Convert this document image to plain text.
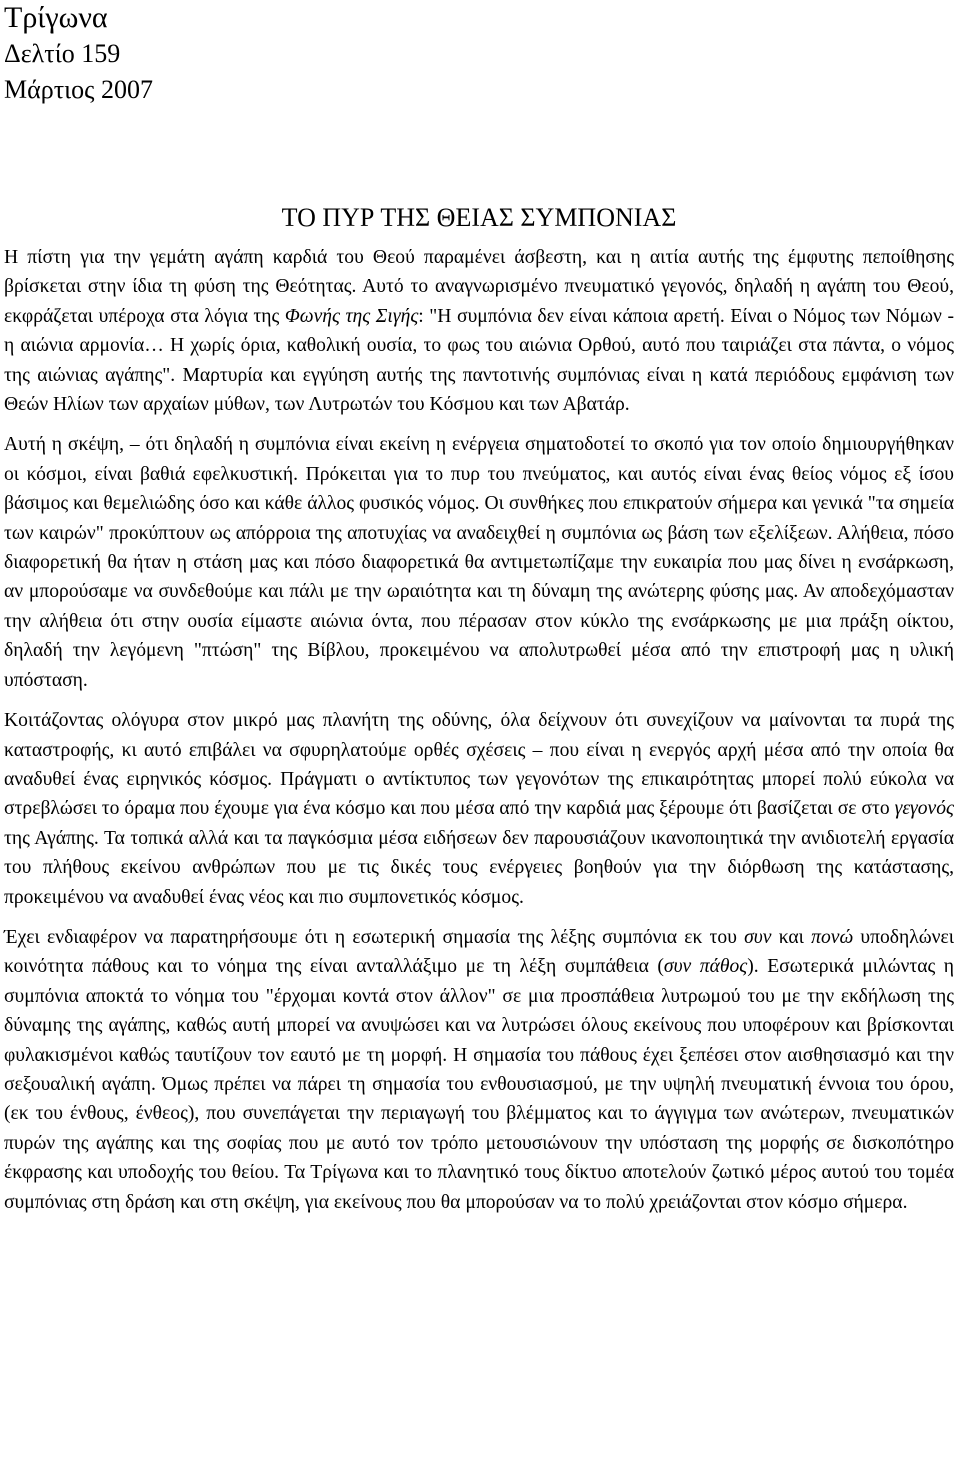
Τρίγωνα
Δελτίο 159
Μάρτιος 2007
ΤΟ ΠΥΡ ΤΗΣ ΘΕΙΑΣ ΣΥΜΠΟΝΙΑΣ

Η πίστη για την γεμάτη αγάπη καρδιά του Θεού παραμένει άσβεστη, και η αιτία αυτής της έμφυτης πεποίθησης βρίσκεται στην ίδια τη φύση της Θεότητας. Αυτό το αναγνωρισμένο πνευματικό γεγονός, δηλαδή η αγάπη του Θεού, εκφράζεται υπέροχα στα λόγια της Φωνής της Σιγής: "Η συμπόνια δεν είναι κάποια αρετή. Είναι ο Νόμος των Νόμων - η αιώνια αρμονία… Η χωρίς όρια, καθολική ουσία, το φως του αιώνια Ορθού, αυτό που ταιριάζει στα πάντα, ο νόμος της αιώνιας αγάπης". Μαρτυρία και εγγύηση αυτής της παντοτινής συμπόνιας είναι η κατά περιόδους εμφάνιση των Θεών Ηλίων των αρχαίων μύθων, των Λυτρωτών του Κόσμου και των Αβατάρ.

Αυτή η σκέψη, – ότι δηλαδή η συμπόνια είναι εκείνη η ενέργεια σηματοδοτεί το σκοπό για τον οποίο δημιουργήθηκαν οι κόσμοι, είναι βαθιά εφελκυστική. Πρόκειται για το πυρ του πνεύματος, και αυτός είναι ένας θείος νόμος εξ ίσου βάσιμος και θεμελιώδης όσο και κάθε άλλος φυσικός νόμος. Οι συνθήκες που επικρατούν σήμερα και γενικά "τα σημεία των καιρών" προκύπτουν ως απόρροια της αποτυχίας να αναδειχθεί η συμπόνια ως βάση των εξελίξεων. Αλήθεια, πόσο διαφορετική θα ήταν η στάση μας και πόσο διαφορετικά θα αντιμετωπίζαμε την ευκαιρία που μας δίνει η ενσάρκωση, αν μπορούσαμε να συνδεθούμε και πάλι με την ωραιότητα και τη δύναμη της ανώτερης φύσης μας. Αν αποδεχόμασταν την αλήθεια ότι στην ουσία είμαστε αιώνια όντα, που πέρασαν στον κύκλο της ενσάρκωσης με μια πράξη οίκτου, δηλαδή την λεγόμενη "πτώση" της Βίβλου, προκειμένου να απολυτρωθεί μέσα από την επιστροφή μας η υλική υπόσταση.

Κοιτάζοντας ολόγυρα στον μικρό μας πλανήτη της οδύνης, όλα δείχνουν ότι συνεχίζουν να μαίνονται τα πυρά της καταστροφής, κι αυτό επιβάλει να σφυρηλατούμε ορθές σχέσεις – που είναι η ενεργός αρχή μέσα από την οποία θα αναδυθεί ένας ειρηνικός κόσμος. Πράγματι ο αντίκτυπος των γεγονότων της επικαιρότητας μπορεί πολύ εύκολα να στρεβλώσει το όραμα που έχουμε για ένα κόσμο και που μέσα από την καρδιά μας ξέρουμε ότι βασίζεται σε στο γεγονός της Αγάπης. Τα τοπικά αλλά και τα παγκόσμια μέσα ειδήσεων δεν παρουσιάζουν ικανοποιητικά την ανιδιοτελή εργασία του πλήθους εκείνου ανθρώπων που με τις δικές τους ενέργειες βοηθούν για την διόρθωση της κατάστασης, προκειμένου να αναδυθεί ένας νέος και πιο συμπονετικός κόσμος.

Έχει ενδιαφέρον να παρατηρήσουμε ότι η εσωτερική σημασία της λέξης συμπόνια εκ του συν και πονώ υποδηλώνει κοινότητα πάθους και το νόημα της είναι ανταλλάξιμο με τη λέξη συμπάθεια (συν πάθος). Εσωτερικά μιλώντας η συμπόνια αποκτά το νόημα του "έρχομαι κοντά στον άλλον" σε μια προσπάθεια λυτρωμού του με την εκδήλωση της δύναμης της αγάπης, καθώς αυτή μπορεί να ανυψώσει και να λυτρώσει όλους εκείνους που υποφέρουν και βρίσκονται φυλακισμένοι καθώς ταυτίζουν τον εαυτό με τη μορφή. Η σημασία του πάθους έχει ξεπέσει στον αισθησιασμό και την σεξουαλική αγάπη. Όμως πρέπει να πάρει τη σημασία του ενθουσιασμού, με την υψηλή πνευματική έννοια του όρου, (εκ του ένθους, ένθεος), που συνεπάγεται την περιαγωγή του βλέμματος και το άγγιγμα των ανώτερων, πνευματικών πυρών της αγάπης και της σοφίας που με αυτό τον τρόπο μετουσιώνουν την υπόσταση της μορφής σε δισκοπότηρο έκφρασης και υποδοχής του θείου. Τα Τρίγωνα και το πλανητικό τους δίκτυο αποτελούν ζωτικό μέρος αυτού του τομέα συμπόνιας στη δράση και στη σκέψη, για εκείνους που θα μπορούσαν να το πολύ χρειάζονται στον κόσμο σήμερα.
